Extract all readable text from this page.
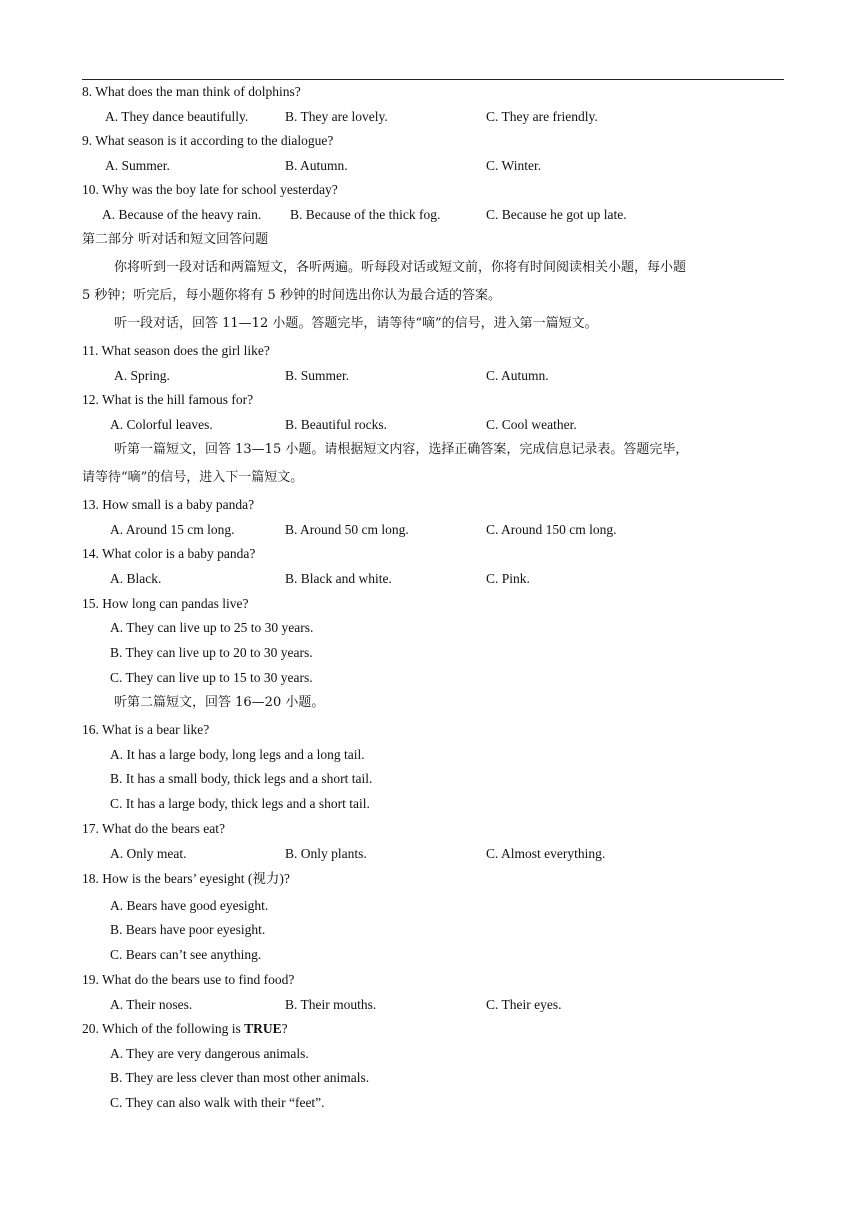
8. What does the man think of dolphins?
A. They dance beautifully.	B. They are lovely.	C. They are friendly.
9. What season is it according to the dialogue?
A. Summer.	B. Autumn.	C. Winter.
10. Why was the boy late for school yesterday?
A. Because of the heavy rain. B. Because of the thick fog.	C. Because he got up late.
第二部分 听对话和短文回答问题
你将听到一段对话和两篇短文，各听两遍。听每段对话或短文前，你将有时间阅读相关小题，每小题
5 秒钟；听完后，每小题你将有 5 秒钟的时间选出你认为最合适的答案。
听一段对话，回答 11—12 小题。答题完毕，请等待“嘀”的信号，进入第一篇短文。
11. What season does the girl like?
A. Spring.	B. Summer.	C. Autumn.
12. What is the hill famous for?
A. Colorful leaves.	B. Beautiful rocks.	C. Cool weather.
听第一篇短文，回答 13—15 小题。请根据短文内容，选择正确答案，完成信息记录表。答题完毕，
请等待“嘀”的信号，进入下一篇短文。
13. How small is a baby panda?
A. Around 15 cm long.	B. Around 50 cm long.	C. Around 150 cm long.
14. What color is a baby panda?
A. Black.	B. Black and white.	C. Pink.
15. How long can pandas live?
A. They can live up to 25 to 30 years.
B. They can live up to 20 to 30 years.
C. They can live up to 15 to 30 years.
听第二篇短文，回答 16—20 小题。
16. What is a bear like?
A. It has a large body, long legs and a long tail.
B. It has a small body, thick legs and a short tail.
C. It has a large body, thick legs and a short tail.
17. What do the bears eat?
A. Only meat.	B. Only plants.	C. Almost everything.
18. How is the bears’ eyesight (视力)?
A. Bears have good eyesight.
B. Bears have poor eyesight.
C. Bears can’t see anything.
19. What do the bears use to find food?
A. Their noses.	B. Their mouths.	C. Their eyes.
20. Which of the following is TRUE?
A. They are very dangerous animals.
B. They are less clever than most other animals.
C. They can also walk with their “feet”.
